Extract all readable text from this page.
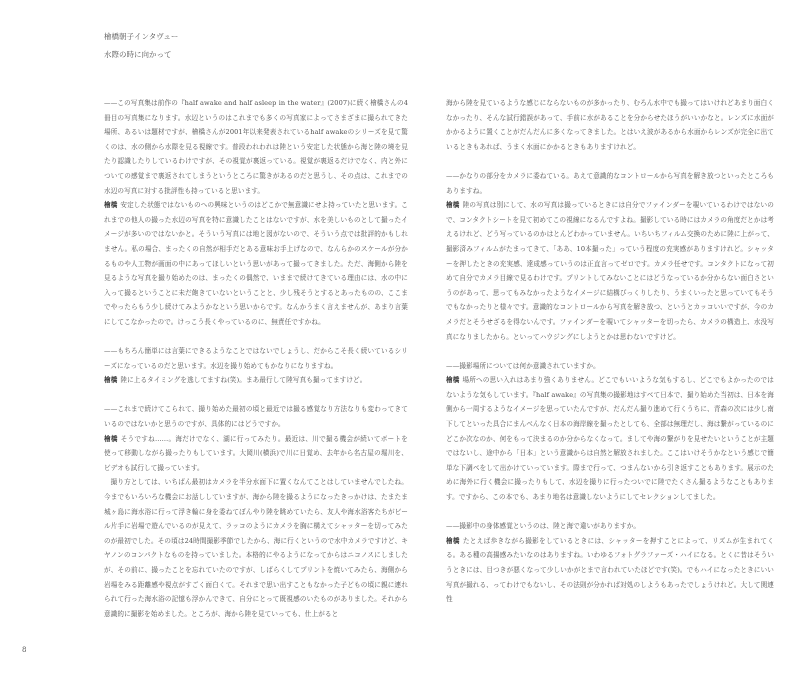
檜橋朝子インタヴュー
水際の時に向かって

——この写真集は前作の『half awake and half asleep in the water』(2007)に続く檜橋さんの4冊目の写真集になります。水辺というのはこれまでも多くの写真家によってさまざまに撮られてきた場所、あるいは題材ですが、檜橋さんが2001年以来発表されているhalf awakeのシリーズを見て驚くのは、水の側から水際を見る視線です。普段われわれは陸という安定した状態から海と陸の境を見たり認識したりしているわけですが、その視覚が裏返っている。視覚が裏返るだけでなく、内と外についての感覚まで裏返されてしまうというところに驚きがあるのだと思うし、その点は、これまでの水辺の写真に対する批評性も持っていると思います。

檜橋 安定した状態ではないものへの興味というのはどこかで無意識にせよ持っていたと思います。これまでの他人の撮った水辺の写真を特に意識したことはないですが、水を美しいものとして撮ったイメージが多いのではないかと。そういう写真には地と図がないので、そういう点では批評的かもしれません。私の場合、まったくの自然が相手だとある意味お手上げなので、なんらかのスケールが分かるものや人工物が画面の中にあってほしいという思いがあって撮ってきました。ただ、海側から陸を見るような写真を撮り始めたのは、まったくの偶然で、いままで続けてきている理由には、水の中に入って撮るということに未だ飽きていないということと、少し残そうとするとあったものの、ここまでやったらもう少し続けてみようかなという思いからです。なんかうまく言えませんが、あまり言葉にしてこなかったので。けっこう長くやっているのに、無責任ですかね。

——もちろん簡単には言葉にできるようなことではないでしょうし、だからこそ長く続いているシリーズになっているのだと思います。水辺を撮り始めてもかなりになりますね。

檜橋 陸に上るタイミングを逃してますね(笑)。まあ最行して陸写真も撮ってますけど。

——これまで続けてこられて、撮り始めた最初の頃と最近では撮る感覚なり方法なりも変わってきているのではないかと思うのですが、具体的にはどうですか。

檜橋 そうですね……。海だけでなく、湖に行ってみたり。最近は、川で撮る機会が続いてボートを使って移動しながら撮ったりもしています。大岡川(横浜)で川に日覚め、去年から名古屋の堀川を、ビデオも試行して撮っています。

撮り方としては、いちばん最初はカメラを半分水面下に置くなんてことはしていませんでしたね。今までもいろいろな機会にお話ししていますが、海から陸を撮るようになったきっかけは、たまたま城ヶ島に海水浴に行って浮き輪に身を委ねてぼんやり陸を眺めていたら、友人や海水浴客たちがビール片手に岩場で遊んでいるのが見えて、ラッコのようにカメラを胸に構えてシャッターを切ってみたのが最初でした。その頃は24時間撮影季節でしたから、海に行くというので水中カメラですけど、キヤノンのコンパクトなものを持っていました。本格的にやるようになってからはニコノスにしましたが、その前に、撮ったことを忘れていたのですが、しばらくしてプリントを焼いてみたら、海側から岩場をみる距離感や視点がすごく面白くて。それまで思い出すこともなかった子どもの頃に親に連れられて行った海水浴の記憶も浮かんできて、自分にとって既視感のいたものがありました。それから意識的に撮影を始めました。ところが、海から陸を見ていっても、仕上がると

海から陸を見ているような感じにならないものが多かったり、むろん水中でも撮ってはいけれどあまり面白くなかったり、そんな試行錯誤があって、手前に水があることを分からせたほうがいいかなと。レンズに水面がかかるように置くことがだんだんに多くなってきました。とはいえ波があるから水面からレンズが完全に出ているときもあれば、うまく水面にかかるときもありますけれど。

——かなりの部分をカメラに委ねている。あえて意識的なコントロールから写真を解き放つといったところもありますね。

檜橋 陸の写真は別にして、水の写真は撮っているときには自分でファインダーを覗いているわけではないので、コンタクトシートを見て初めてこの視線になるんですよね。撮影している時にはカメラの角度だとかは考えるけれど、どう写っているのかはとんどわかっていません。いちいちフィルム交換のために陸に上がって、撮影済みフィルムがたまってきて、「ああ、10本撮った」っていう程度の充実感がありますけれど。シャッターを押したときの充実感、達成感っていうのは正直言ってゼロです。カメラ任せです。コンタクトになって初めて自分でカメラ目線で見るわけです。プリントしてみないことにはどうなっているか分からない面白さというのがあって、思ってもみなかったようなイメージに結構びっくりしたり、うまくいったと思っていてもそうでもなかったりと様々です。意識的なコントロールから写真を解き放つ、というとカッコいいですが、今のカメラだとそうせざるを得ないんです。ファインダーを覗いてシャッターを切ったら、カメラの構造上、水没写真になりましたから。といってハウジングにしようとかは思わないですけど。

——撮影場所については何か意識されていますか。

檜橋 場所への思い入れはあまり強くありません。どこでもいいような気もするし、どこでもよかったのではないような気もしています。『half awake』の写真集の撮影地はすべて日本で、撮り始めた当初は、日本を海側から一周するようなイメージを思っていたんですが、だんだん撮り進めて行くうちに、青森の次には少し南下してといった具合にまんべんなく日本の海岸線を撮ったとしても、全部は無理だし、海は繋がっているのにどこか次なのか、何をもって決まるのか分からなくなって。ましてや海の繋がりを見せたいということが主題ではないし、途中から「日本」という意識からは自然と解放されました。ここはいけそうかなという感じで簡単な下調べをして出かけていっています。際まで行って、つまんないから引き返すこともあります。展示のために海外に行く機会に撮ったりもして、水辺を撮りに行ったついでに陸でたくさん撮るようなこともあります。ですから、この本でも、あまり地名は意識しないようにしてセレクションしてました。

——撮影中の身体感覚というのは、陸と海で違いがありますか。

檜橋 たとえば歩きながら撮影をしているときには、シャッターを押すことによって、リズムが生まれてくる。ある種の高揚感みたいなのはありますね。いわゆるフォトグラファーズ・ハイになる。とくに昔はそういうときには、目つきが悪くなって少しいかがとまで言われていたほどです(笑)。でもハイになったときにいい写真が撮れる、ってわけでもないし、その法則が分かれば対処のしようもあったでしょうけれど。大して関連性

8
